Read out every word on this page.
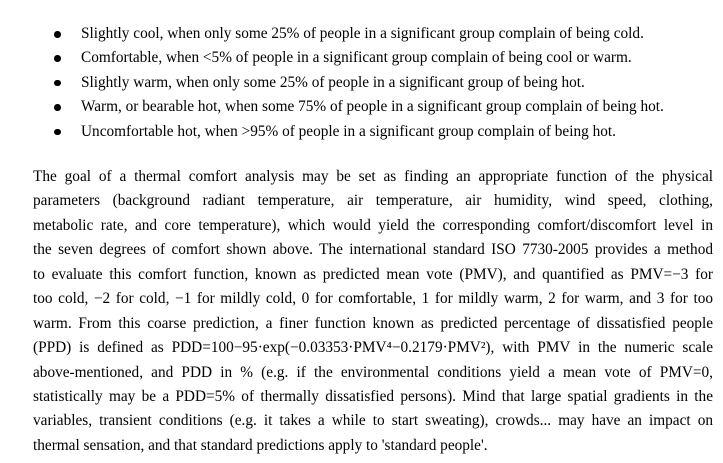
Slightly cool, when only some 25% of people in a significant group complain of being cold.
Comfortable, when <5% of people in a significant group complain of being cool or warm.
Slightly warm, when only some 25% of people in a significant group of being hot.
Warm, or bearable hot, when some 75% of people in a significant group complain of being hot.
Uncomfortable hot, when >95% of people in a significant group complain of being hot.

The goal of a thermal comfort analysis may be set as finding an appropriate function of the physical
parameters (background radiant temperature, air temperature, air humidity, wind speed, clothing,
metabolic rate, and core temperature), which would yield the corresponding comfort/discomfort level in
the seven degrees of comfort shown above. The international standard ISO 7730-2005 provides a method
to evaluate this comfort function, known as predicted mean vote (PMV), and quantified as PMV=−3 for
too cold, −2 for cold, −1 for mildly cold, 0 for comfortable, 1 for mildly warm, 2 for warm, and 3 for too
warm. From this coarse prediction, a finer function known as predicted percentage of dissatisfied people
(PPD) is defined as PDD=100−95·exp(−0.03353·PMV⁴−0.2179·PMV²), with PMV in the numeric scale
above-mentioned, and PDD in % (e.g. if the environmental conditions yield a mean vote of PMV=0,
statistically may be a PDD=5% of thermally dissatisfied persons). Mind that large spatial gradients in the
variables, transient conditions (e.g. it takes a while to start sweating), crowds... may have an impact on
thermal sensation, and that standard predictions apply to 'standard people'.
